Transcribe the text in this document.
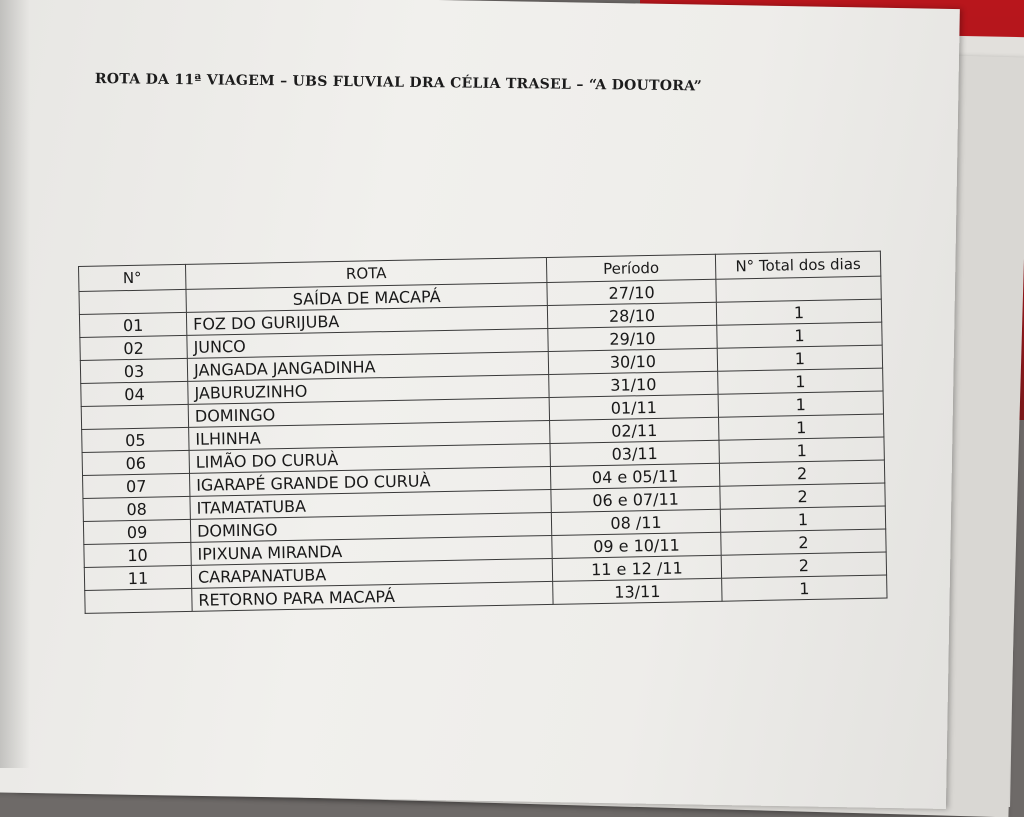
ROTA DA 11ª VIAGEM – UBS FLUVIAL DRA CÉLIA TRASEL – “A DOUTORA”
N°	ROTA	Período	N° Total dos dias
	SAÍDA DE MACAPÁ	27/10	
01	FOZ DO GURIJUBA	28/10	1
02	JUNCO	29/10	1
03	JANGADA JANGADINHA	30/10	1
04	JABURUZINHO	31/10	1
	DOMINGO	01/11	1
05	ILHINHA	02/11	1
06	LIMÃO DO CURUÀ	03/11	1
07	IGARAPÉ GRANDE DO CURUÀ	04 e 05/11	2
08	ITAMATATUBA	06 e 07/11	2
09	DOMINGO	08 /11	1
10	IPIXUNA MIRANDA	09 e 10/11	2
11	CARAPANATUBA	11 e 12 /11	2
	RETORNO PARA MACAPÁ	13/11	1
